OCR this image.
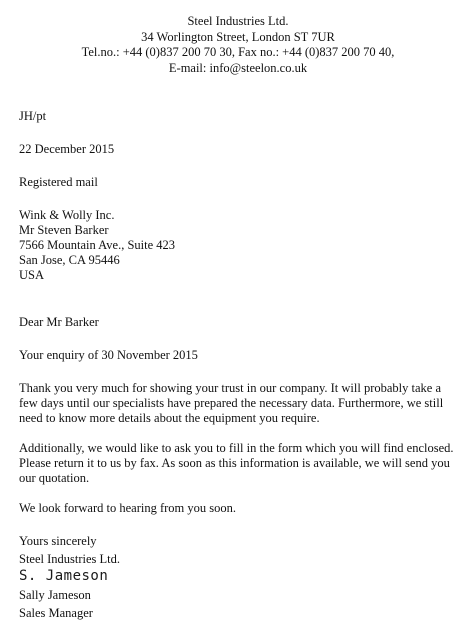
Steel Industries Ltd.
34 Worlington Street, London ST 7UR
Tel.no.: +44 (0)837 200 70 30, Fax no.: +44 (0)837 200 70 40,
E-mail: info@steelon.co.uk
JH/pt
22 December 2015
Registered mail
Wink & Wolly Inc.
Mr Steven Barker
7566 Mountain Ave., Suite 423
San Jose, CA 95446
USA
Dear Mr Barker
Your enquiry of 30 November 2015
Thank you very much for showing your trust in our company. It will probably take a few days until our specialists have prepared the necessary data. Furthermore, we still need to know more details about the equipment you require.
Additionally, we would like to ask you to fill in the form which you will find enclosed. Please return it to us by fax. As soon as this information is available, we will send you our quotation.
We look forward to hearing from you soon.
Yours sincerely
Steel Industries Ltd.
S. Jameson
Sally Jameson
Sales Manager
